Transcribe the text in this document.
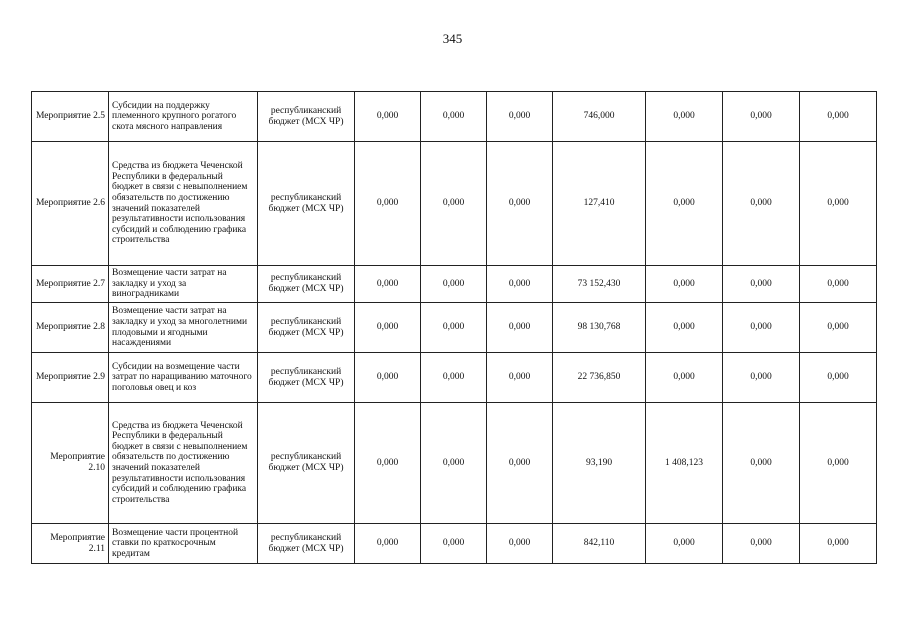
345
Мероприятие 2.5	Субсидии на поддержку племенного крупного рогатого скота мясного направления	республиканский бюджет (МСХ ЧР)	0,000	0,000	0,000	746,000	0,000	0,000	0,000
Мероприятие 2.6	Средства из бюджета Чеченской Республики в федеральный бюджет в связи с невыполнением обязательств по достижению значений показателей результативности использования субсидий и соблюдению графика строительства	республиканский бюджет (МСХ ЧР)	0,000	0,000	0,000	127,410	0,000	0,000	0,000
Мероприятие 2.7	Возмещение части затрат на закладку и уход за виноградниками	республиканский бюджет (МСХ ЧР)	0,000	0,000	0,000	73 152,430	0,000	0,000	0,000
Мероприятие 2.8	Возмещение части затрат на закладку и уход за многолетними плодовыми и ягодными насаждениями	республиканский бюджет (МСХ ЧР)	0,000	0,000	0,000	98 130,768	0,000	0,000	0,000
Мероприятие 2.9	Субсидии на возмещение части затрат по наращиванию маточного поголовья овец и коз	республиканский бюджет (МСХ ЧР)	0,000	0,000	0,000	22 736,850	0,000	0,000	0,000
Мероприятие 2.10	Средства из бюджета Чеченской Республики в федеральный бюджет в связи с невыполнением обязательств по достижению значений показателей результативности использования субсидий и соблюдению графика строительства	республиканский бюджет (МСХ ЧР)	0,000	0,000	0,000	93,190	1 408,123	0,000	0,000
Мероприятие 2.11	Возмещение части процентной ставки по краткосрочным кредитам	республиканский бюджет (МСХ ЧР)	0,000	0,000	0,000	842,110	0,000	0,000	0,000
